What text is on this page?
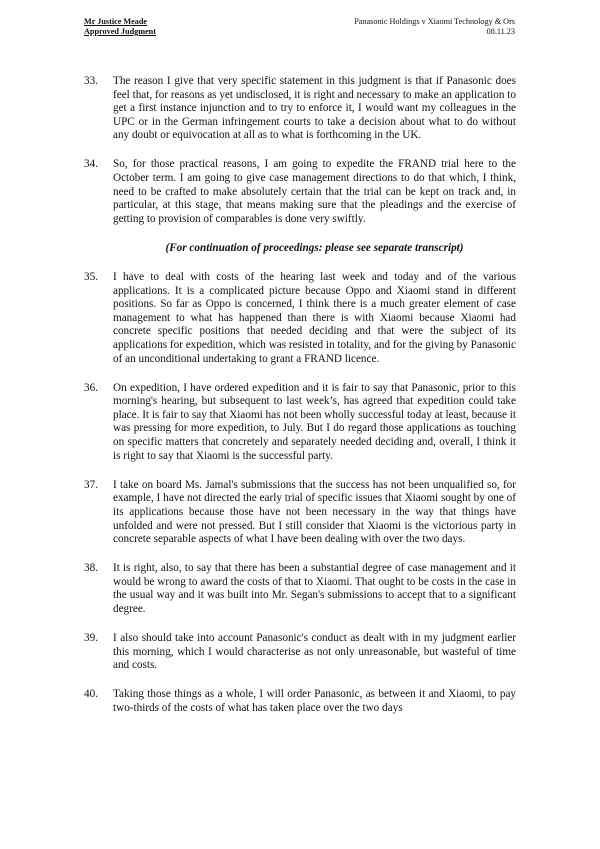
Mr Justice Meade
Approved Judgment
Panasonic Holdings v Xiaomi Technology & Ors
08.11.23
33. The reason I give that very specific statement in this judgment is that if Panasonic does feel that, for reasons as yet undisclosed, it is right and necessary to make an application to get a first instance injunction and to try to enforce it, I would want my colleagues in the UPC or in the German infringement courts to take a decision about what to do without any doubt or equivocation at all as to what is forthcoming in the UK.
34. So, for those practical reasons, I am going to expedite the FRAND trial here to the October term. I am going to give case management directions to do that which, I think, need to be crafted to make absolutely certain that the trial can be kept on track and, in particular, at this stage, that means making sure that the pleadings and the exercise of getting to provision of comparables is done very swiftly.
(For continuation of proceedings: please see separate transcript)
35. I have to deal with costs of the hearing last week and today and of the various applications. It is a complicated picture because Oppo and Xiaomi stand in different positions. So far as Oppo is concerned, I think there is a much greater element of case management to what has happened than there is with Xiaomi because Xiaomi had concrete specific positions that needed deciding and that were the subject of its applications for expedition, which was resisted in totality, and for the giving by Panasonic of an unconditional undertaking to grant a FRAND licence.
36. On expedition, I have ordered expedition and it is fair to say that Panasonic, prior to this morning's hearing, but subsequent to last week’s, has agreed that expedition could take place. It is fair to say that Xiaomi has not been wholly successful today at least, because it was pressing for more expedition, to July. But I do regard those applications as touching on specific matters that concretely and separately needed deciding and, overall, I think it is right to say that Xiaomi is the successful party.
37. I take on board Ms. Jamal's submissions that the success has not been unqualified so, for example, I have not directed the early trial of specific issues that Xiaomi sought by one of its applications because those have not been necessary in the way that things have unfolded and were not pressed. But I still consider that Xiaomi is the victorious party in concrete separable aspects of what I have been dealing with over the two days.
38. It is right, also, to say that there has been a substantial degree of case management and it would be wrong to award the costs of that to Xiaomi. That ought to be costs in the case in the usual way and it was built into Mr. Segan's submissions to accept that to a significant degree.
39. I also should take into account Panasonic's conduct as dealt with in my judgment earlier this morning, which I would characterise as not only unreasonable, but wasteful of time and costs.
40. Taking those things as a whole, I will order Panasonic, as between it and Xiaomi, to pay two-thirds of the costs of what has taken place over the two days
